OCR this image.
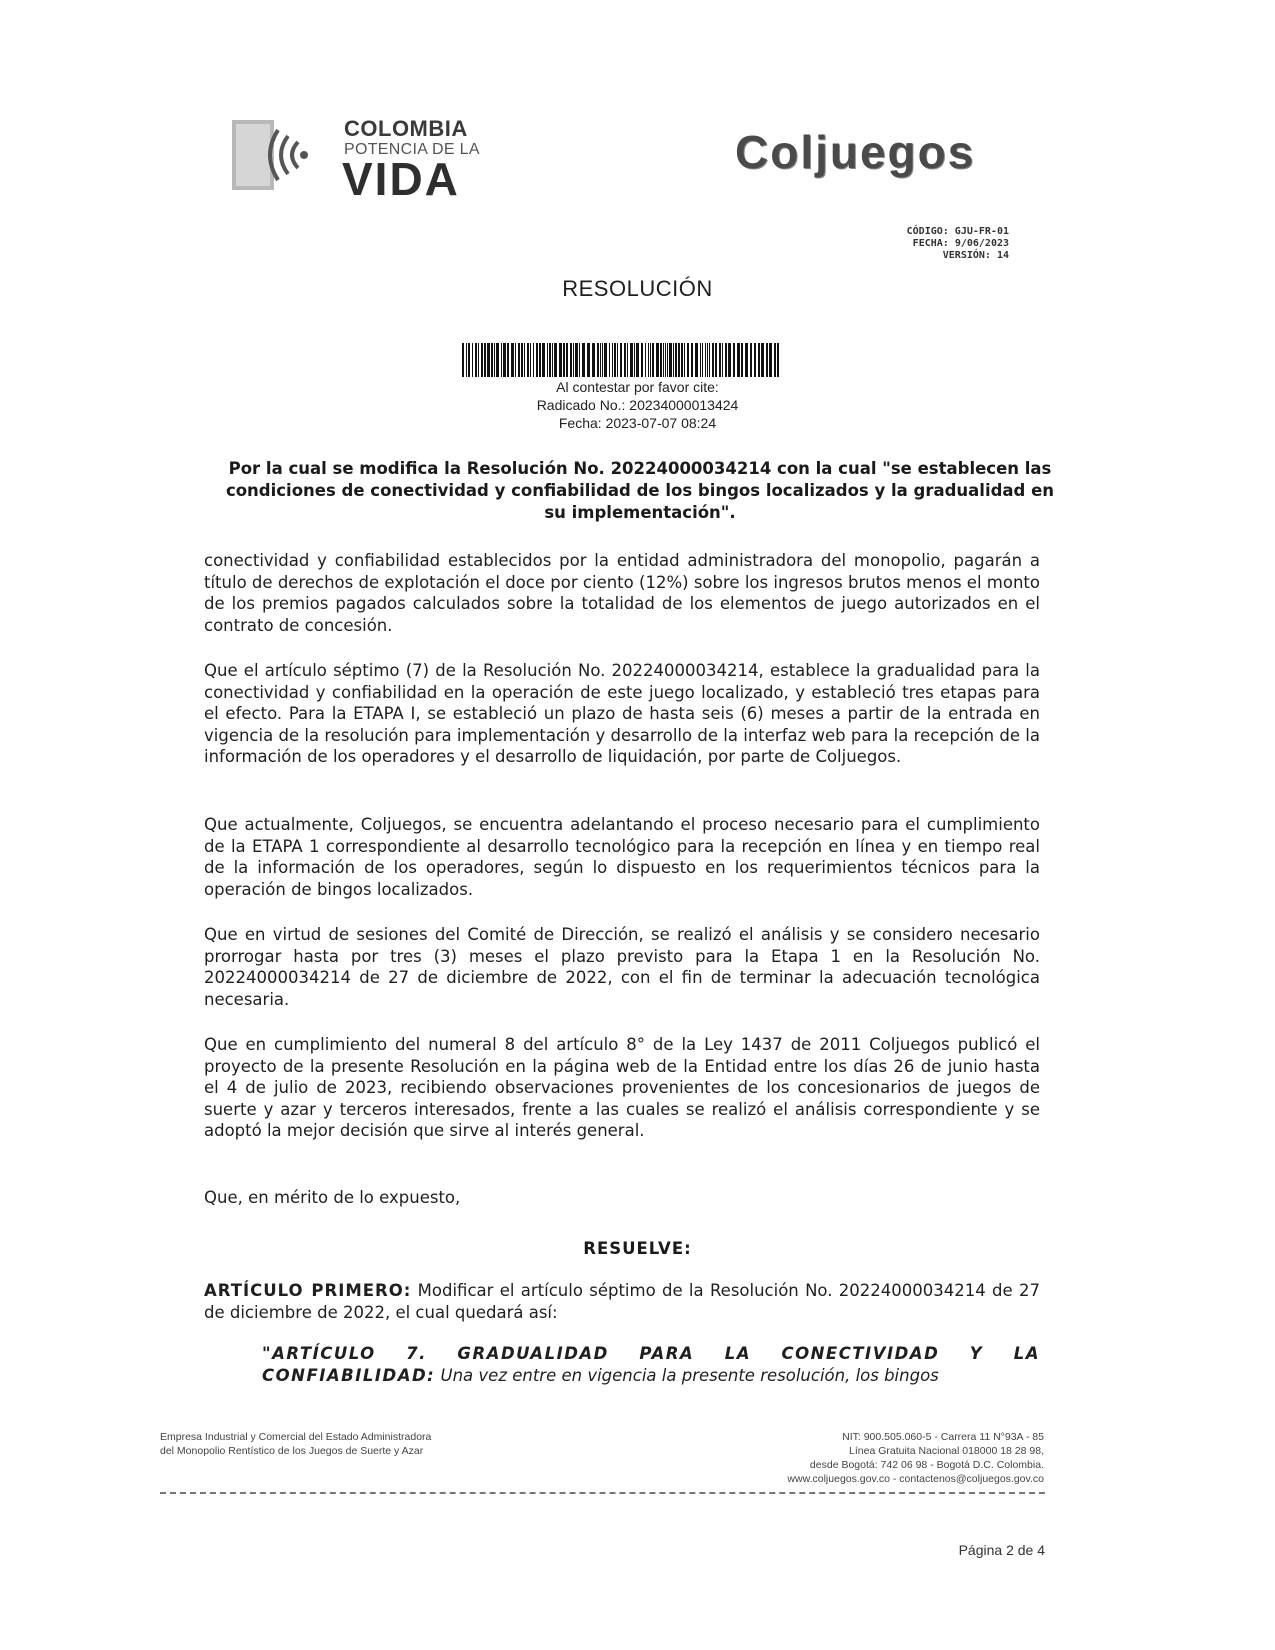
COLOMBIA
POTENCIA DE LA
VIDA
Coljuegos
CÓDIGO: GJU-FR-01
FECHA: 9/06/2023
VERSIÓN: 14
RESOLUCIÓN
Al contestar por favor cite:
Radicado No.: 20234000013424
Fecha: 2023-07-07 08:24
Por la cual se modifica la Resolución No. 20224000034214 con la cual "se establecen las condiciones de conectividad y confiabilidad de los bingos localizados y la gradualidad en su implementación".
conectividad y confiabilidad establecidos por la entidad administradora del monopolio, pagarán a título de derechos de explotación el doce por ciento (12%) sobre los ingresos brutos menos el monto de los premios pagados calculados sobre la totalidad de los elementos de juego autorizados en el contrato de concesión.
Que el artículo séptimo (7) de la Resolución No. 20224000034214, establece la gradualidad para la conectividad y confiabilidad en la operación de este juego localizado, y estableció tres etapas para el efecto. Para la ETAPA I, se estableció un plazo de hasta seis (6) meses a partir de la entrada en vigencia de la resolución para implementación y desarrollo de la interfaz web para la recepción de la información de los operadores y el desarrollo de liquidación, por parte de Coljuegos.
Que actualmente, Coljuegos, se encuentra adelantando el proceso necesario para el cumplimiento de la ETAPA 1 correspondiente al desarrollo tecnológico para la recepción en línea y en tiempo real de la información de los operadores, según lo dispuesto en los requerimientos técnicos para la operación de bingos localizados.
Que en virtud de sesiones del Comité de Dirección, se realizó el análisis y se considero necesario prorrogar hasta por tres (3) meses el plazo previsto para la Etapa 1 en la Resolución No. 20224000034214 de 27 de diciembre de 2022, con el fin de terminar la adecuación tecnológica necesaria.
Que en cumplimiento del numeral 8 del artículo 8° de la Ley 1437 de 2011 Coljuegos publicó el proyecto de la presente Resolución en la página web de la Entidad entre los días 26 de junio hasta el 4 de julio de 2023, recibiendo observaciones provenientes de los concesionarios de juegos de suerte y azar y terceros interesados, frente a las cuales se realizó el análisis correspondiente y se adoptó la mejor decisión que sirve al interés general.
Que, en mérito de lo expuesto,
RESUELVE:
ARTÍCULO PRIMERO: Modificar el artículo séptimo de la Resolución No. 20224000034214 de 27 de diciembre de 2022, el cual quedará así:
"ARTÍCULO 7. GRADUALIDAD PARA LA CONECTIVIDAD Y LA CONFIABILIDAD: Una vez entre en vigencia la presente resolución, los bingos
Empresa Industrial y Comercial del Estado Administradora
del Monopolio Rentístico de los Juegos de Suerte y Azar
NIT: 900.505.060-5 - Carrera 11 N°93A - 85
Línea Gratuita Nacional 018000 18 28 98,
desde Bogotá: 742 06 98 - Bogotá D.C. Colombia.
www.coljuegos.gov.co - contactenos@coljuegos.gov.co
Página 2 de 4
